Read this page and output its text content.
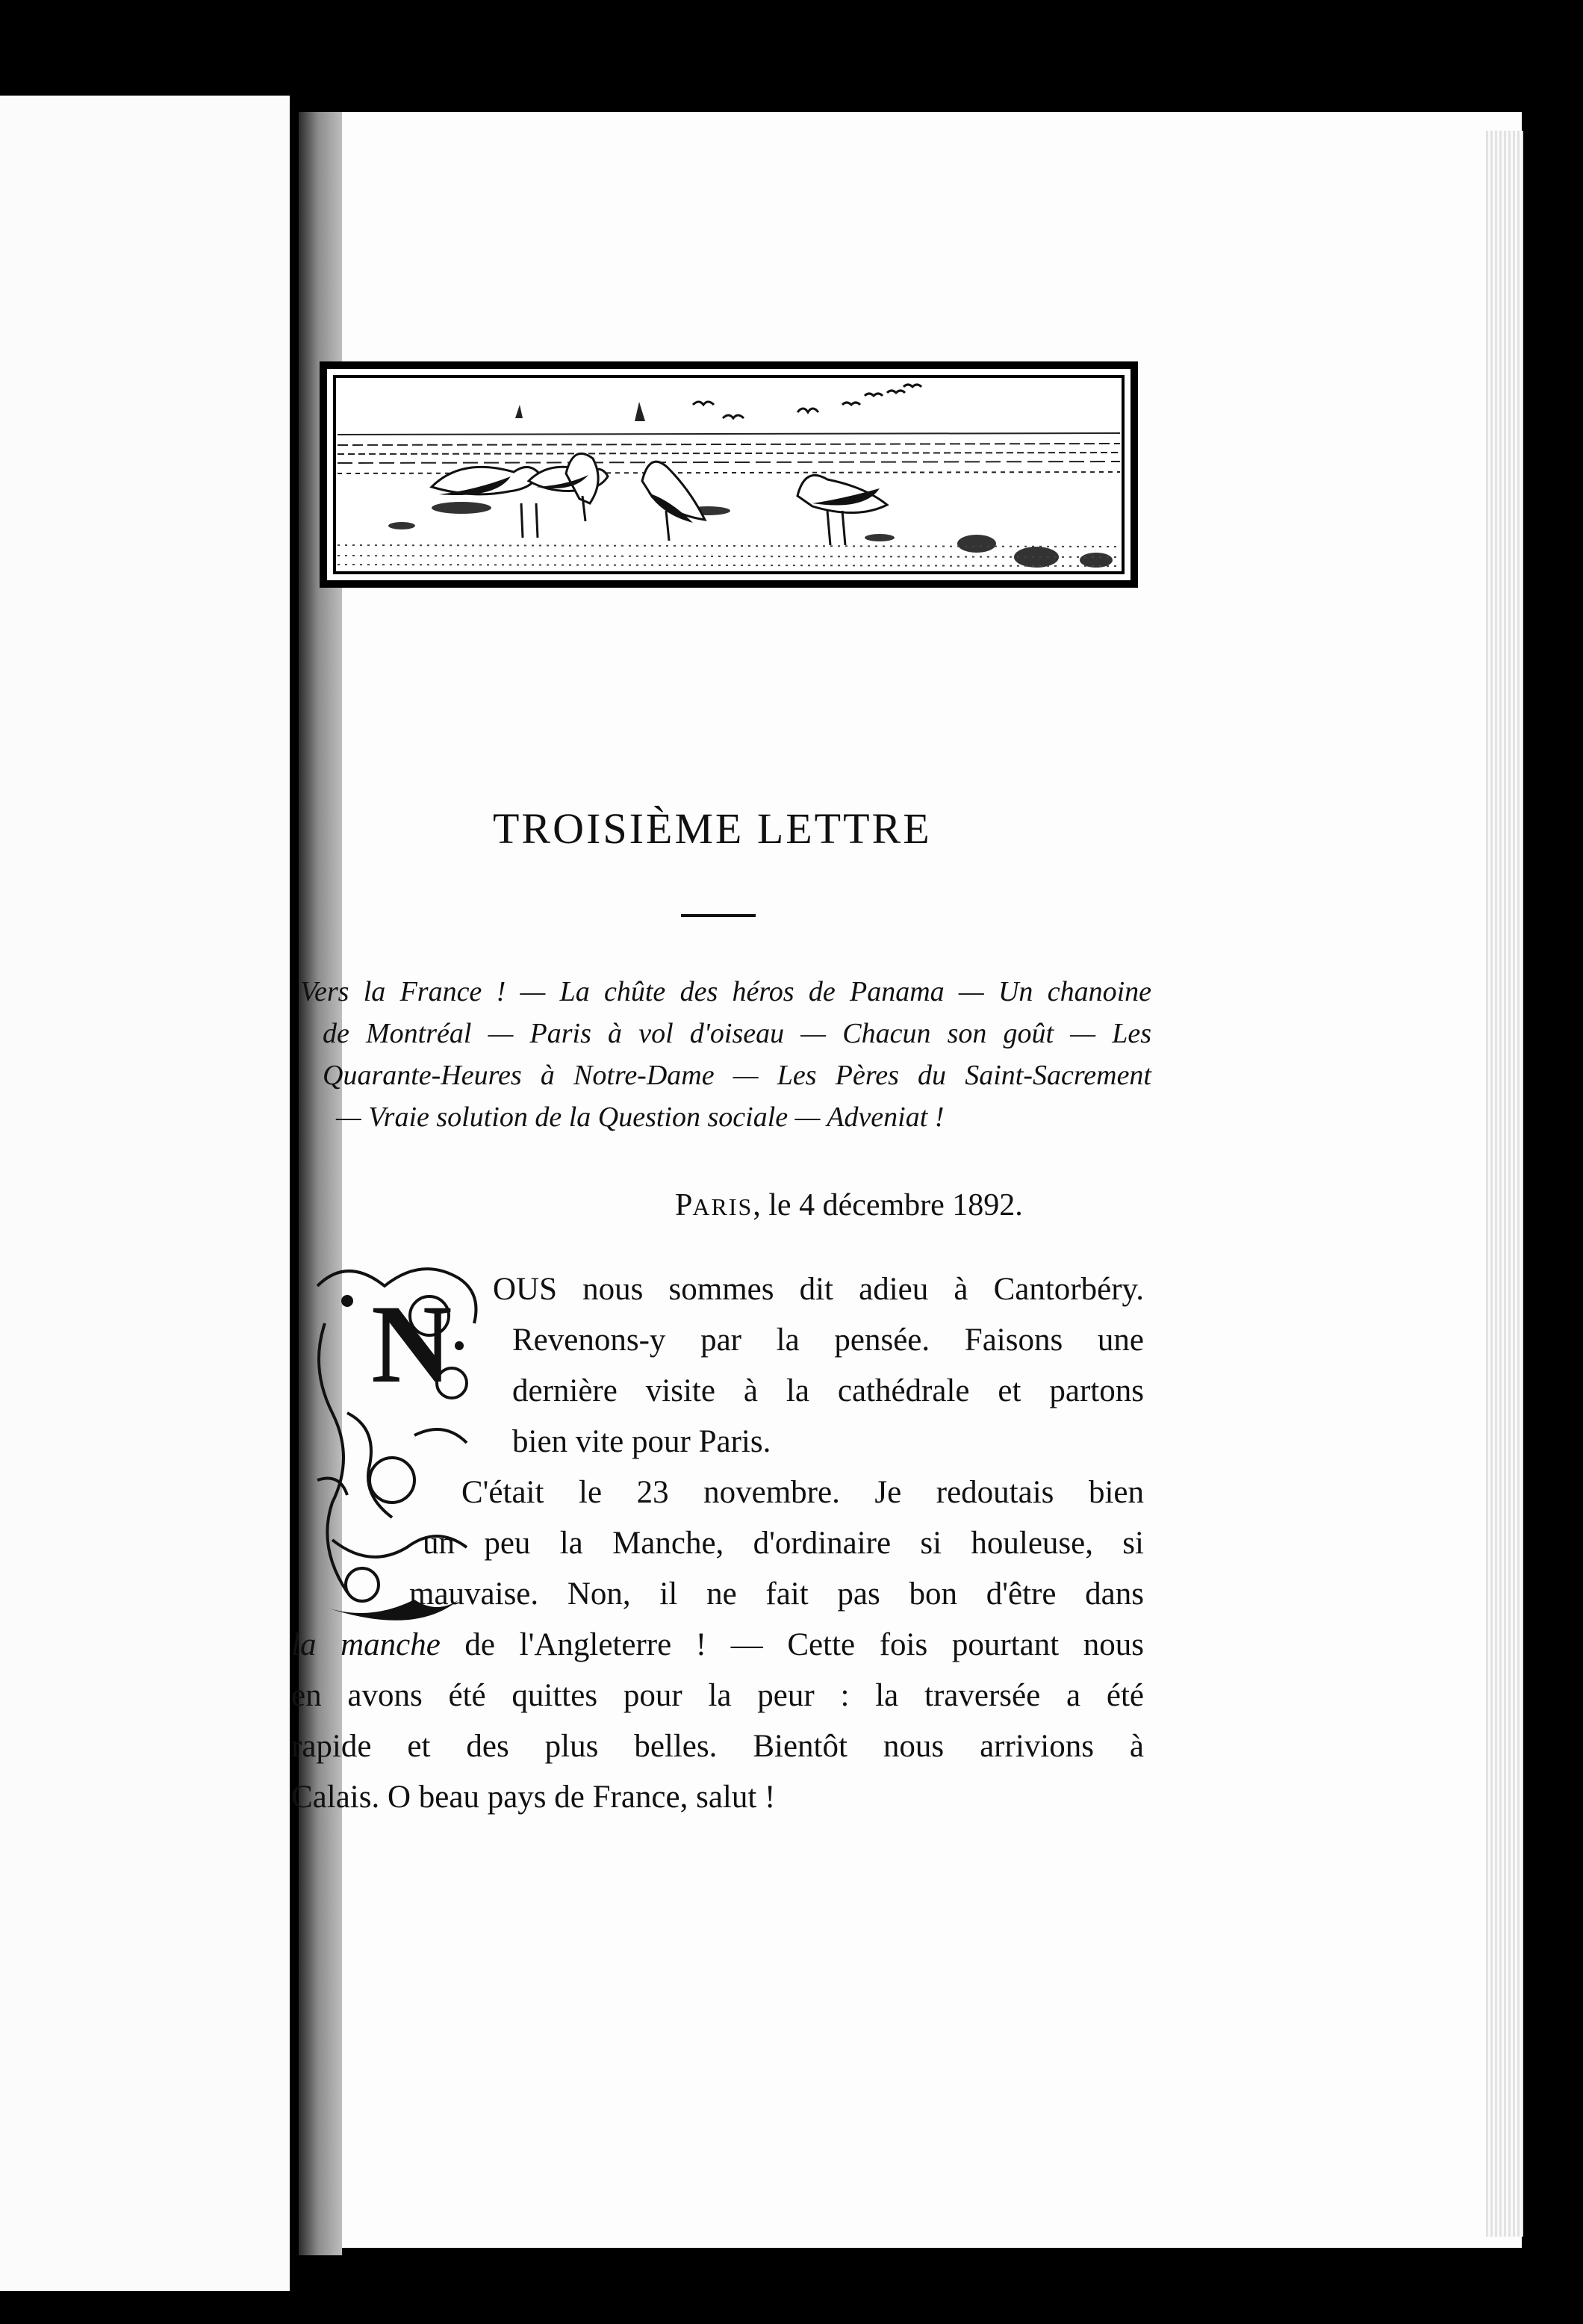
TROISIÈME LETTRE
Vers la France ! — La chûte des héros de Panama — Un chanoine
de Montréal — Paris à vol d'oiseau — Chacun son goût — Les
Quarante-Heures à Notre-Dame — Les Pères du Saint-Sacrement
— Vraie solution de la Question sociale — Adveniat !
PARIS, le 4 décembre 1892.
N OUS nous sommes dit adieu à Cantorbéry.
Revenons-y par la pensée. Faisons une
dernière visite à la cathédrale et partons
bien vite pour Paris.
C'était le 23 novembre. Je redoutais bien
un peu la Manche, d'ordinaire si houleuse, si
mauvaise. Non, il ne fait pas bon d'être dans
la manche de l'Angleterre ! — Cette fois pourtant nous
en avons été quittes pour la peur : la traversée a été
rapide et des plus belles. Bientôt nous arrivions à
Calais. O beau pays de France, salut !
